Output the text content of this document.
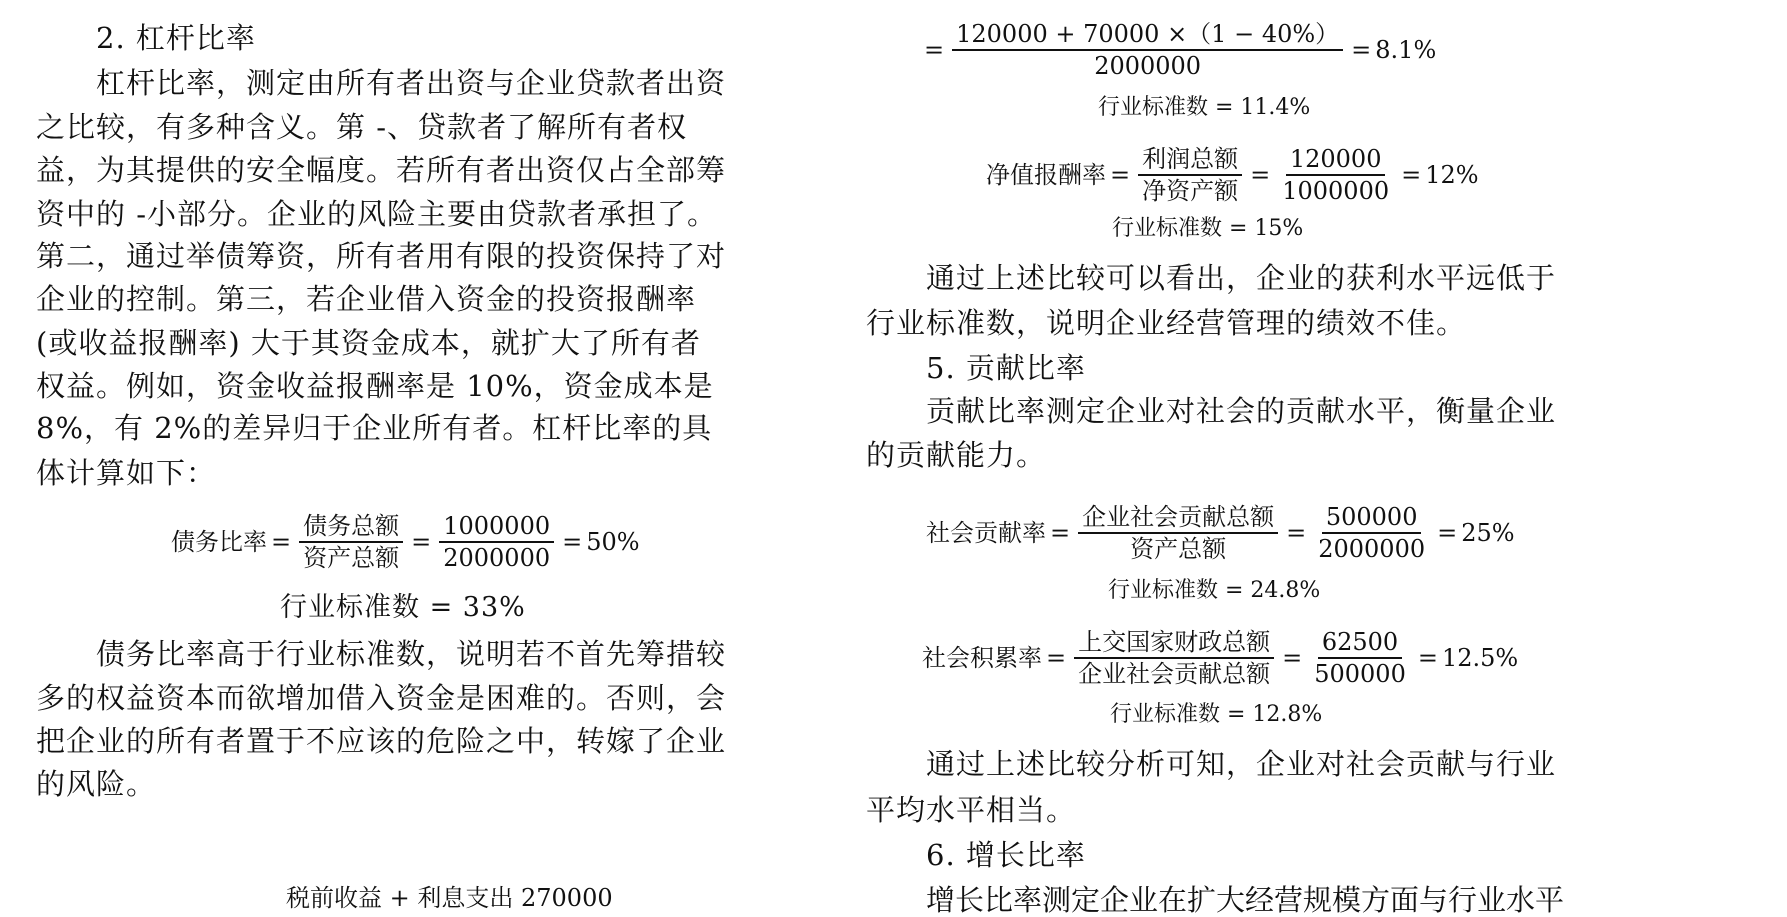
2. 杠杆比率
杠杆比率，测定由所有者出资与企业贷款者出资
之比较，有多种含义。第 -、贷款者了解所有者权
益，为其提供的安全幅度。若所有者出资仅占全部筹
资中的 -小部分。企业的风险主要由贷款者承担了。
第二，通过举债筹资，所有者用有限的投资保持了对
企业的控制。第三，若企业借入资金的投资报酬率
(或收益报酬率) 大于其资金成本，就扩大了所有者
权益。例如，资金收益报酬率是 10%，资金成本是
8%，有 2%的差异归于企业所有者。杠杆比率的具
体计算如下：
债务比率 = $\frac{\text{债务总额}}{\text{资产总额}} = \frac{1000000}{2000000} = 50\%$
行业标准数 = 33%
债务比率高于行业标准数，说明若不首先筹措较
多的权益资本而欲增加借入资金是困难的。否则，会
把企业的所有者置于不应该的危险之中，转嫁了企业
的风险。
税前收益 + 利息支出 270000
= $\frac{120000 + 70000 \times(1 - 40\%)}{2000000} = 8.1\%$
行业标准数 = 11.4%
净值报酬率 = $\frac{\text{利润总额}}{\text{净资产额}} = \frac{120000}{1000000} = 12\%$
行业标准数 = 15%
通过上述比较可以看出，企业的获利水平远低于
行业标准数，说明企业经营管理的绩效不佳。
5. 贡献比率
贡献比率测定企业对社会的贡献水平，衡量企业
的贡献能力。
社会贡献率 = $\frac{\text{企业社会贡献总额}}{\text{资产总额}} = \frac{500000}{2000000} = 25\%$
行业标准数 = 24.8%
社会积累率 = $\frac{\text{上交国家财政总额}}{\text{企业社会贡献总额}} = \frac{62500}{500000} = 12.5\%$
行业标准数 = 12.8%
通过上述比较分析可知，企业对社会贡献与行业
平均水平相当。
6. 增长比率
增长比率测定企业在扩大经营规模方面与行业水平
